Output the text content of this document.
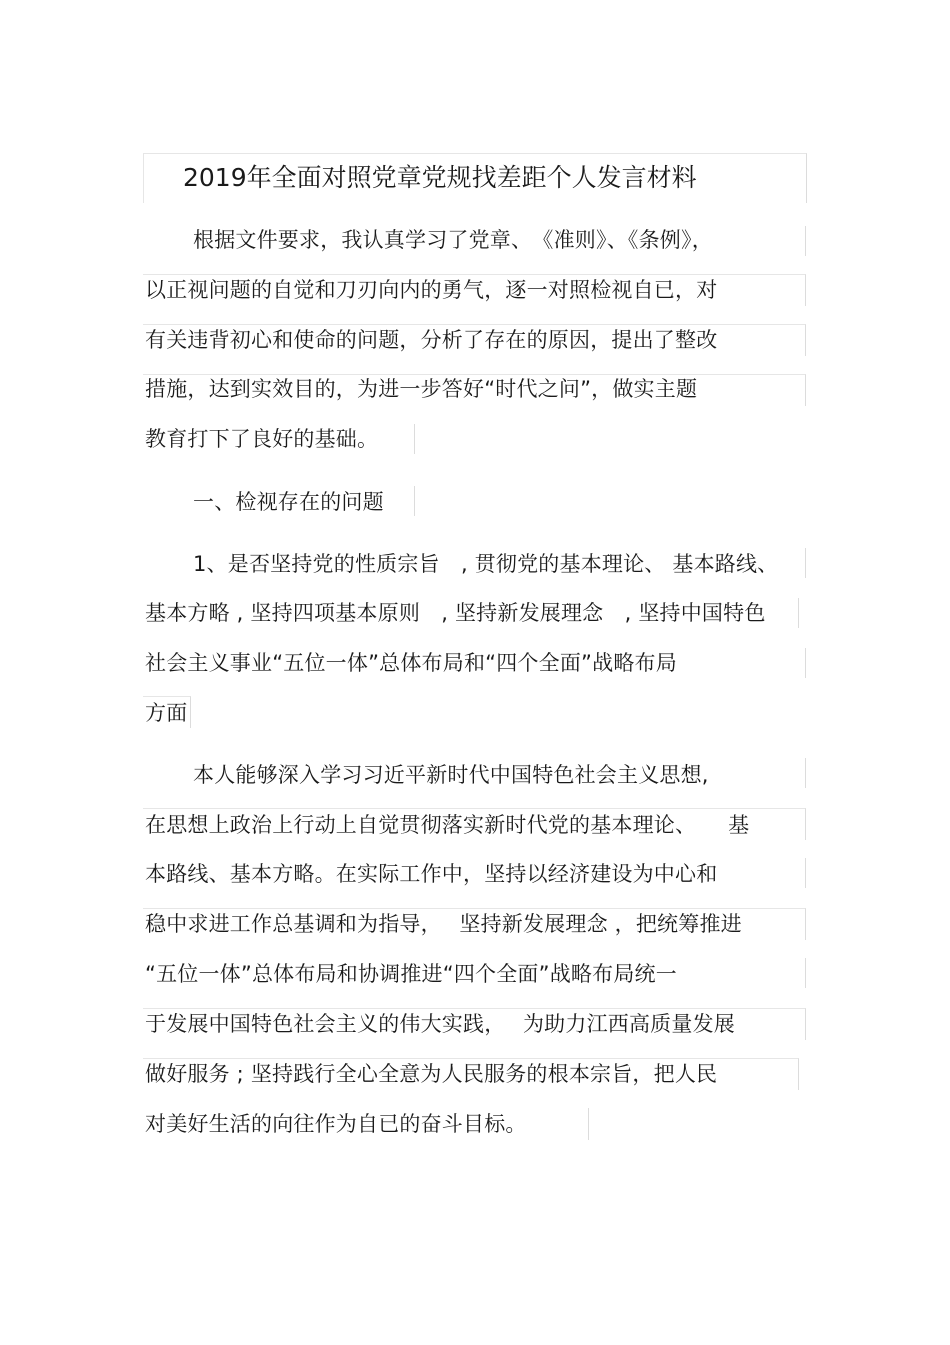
2019年全面对照党章党规找差距个人发言材料
根据文件要求，我认真学习了党章、　《准则》、《条例》，
以正视问题的自觉和刀刃向内的勇气，逐一对照检视自已，对
有关违背初心和使命的问题，分析了存在的原因，提出了整改
措施，达到实效目的，为进一步答好“时代之问”，做实主题
教育打下了良好的基础。
一、检视存在的问题
1、是否坚持党的性质宗旨　, 贯彻党的基本理论、 基本路线、
基本方略 , 坚持四项基本原则　, 坚持新发展理念　, 坚持中国特色
社会主义事业“五位一体”总体布局和“四个全面”战略布局
方面
本人能够深入学习习近平新时代中国特色社会主义思想,
在思想上政治上行动上自觉贯彻落实新时代党的基本理论、　　基
本路线、基本方略。在实际工作中，坚持以经济建设为中心和
稳中求进工作总基调和为指导，　 坚持新发展理念 ，把统筹推进
“五位一体”总体布局和协调推进“四个全面”战略布局统一
于发展中国特色社会主义的伟大实践，　 为助力江西高质量发展
做好服务 ; 坚持践行全心全意为人民服务的根本宗旨，把人民
对美好生活的向往作为自已的奋斗目标。
